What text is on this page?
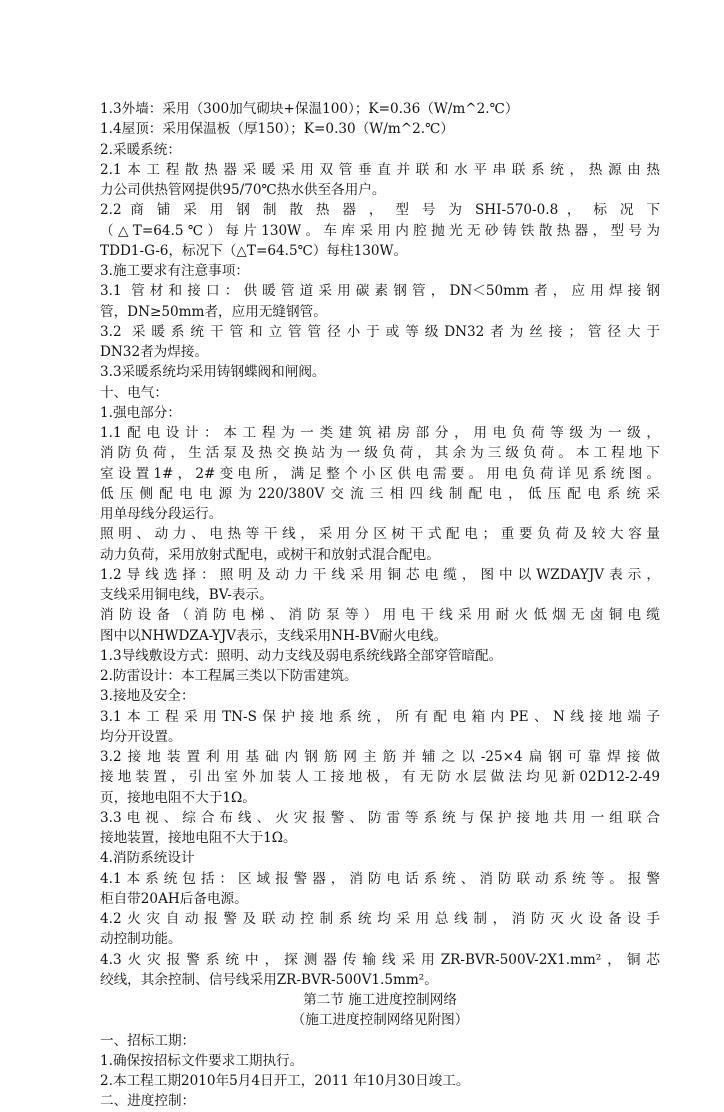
1.3外墙：采用（300加气砌块+保温100）；K=0.36（W/m^2.℃）
1.4屋顶：采用保温板（厚150）；K=0.30（W/m^2.℃）
2.采暖系统：
2.1本工程散热器采暖采用双管垂直并联和水平串联系统，热源由热
力公司供热管网提供95/70℃热水供至各用户。
2.2 商 铺 采 用 钢 制 散 热 器 ， 型 号 为 SHI-570-0.8 ， 标 况 下
（△T=64.5℃）每片130W。车库采用内腔抛光无砂铸铁散热器，型号为
TDD1-G-6，标况下（△T=64.5℃）每柱130W。
3.施工要求有注意事项：
3.1 管材和接口：供暖管道采用碳素钢管，DN＜50mm者，应用焊接钢
管，DN≥50mm者，应用无缝钢管。
3.2 采暖系统干管和立管管径小于或等级DN32者为丝接；管径大于
DN32者为焊接。
3.3采暖系统均采用铸钢蝶阀和闸阀。
十、电气：
1.强电部分：
1.1配电设计：本工程为一类建筑裙房部分，用电负荷等级为一级，
消防负荷，生活泵及热交换站为一级负荷，其余为三级负荷。本工程地下
室设置1#，2#变电所，满足整个小区供电需要。用电负荷详见系统图。
低压侧配电电源为220/380V交流三相四线制配电，低压配电系统采
用单母线分段运行。
照明、动力、电热等干线，采用分区树干式配电；重要负荷及较大容量
动力负荷，采用放射式配电，或树干和放射式混合配电。
1.2导线选择：照明及动力干线采用铜芯电缆，图中以WZDAYJV表示，
支线采用铜电线，BV-表示。
消防设备（消防电梯、消防泵等）用电干线采用耐火低烟无卤铜电缆
图中以NHWDZA-YJV表示，支线采用NH-BV耐火电线。
1.3导线敷设方式：照明、动力支线及弱电系统线路全部穿管暗配。
2.防雷设计：本工程属三类以下防雷建筑。
3.接地及安全：
3.1本工程采用TN-S保护接地系统，所有配电箱内PE、N线接地端子
均分开设置。
3.2接地装置利用基础内钢筋网主筋并辅之以-25×4扁钢可靠焊接做
接地装置，引出室外加装人工接地极，有无防水层做法均见新02D12-2-49
页，接地电阻不大于1Ω。
3.3电视、综合布线、火灾报警、防雷等系统与保护接地共用一组联合
接地装置，接地电阻不大于1Ω。
4.消防系统设计
4.1本系统包括：区域报警器，消防电话系统、消防联动系统等。报警
柜自带20AH后备电源。
4.2火灾自动报警及联动控制系统均采用总线制，消防灭火设备设手
动控制功能。
4.3火灾报警系统中，探测器传输线采用ZR-BVR-500V-2X1.mm²，铜芯
绞线，其余控制、信号线采用ZR-BVR-500V1.5mm²。
第二节 施工进度控制网络
（施工进度控制网络见附图）
一、招标工期：
1.确保按招标文件要求工期执行。
2.本工程工期2010年5月4日开工，2011 年10月30日竣工。
二、进度控制：
